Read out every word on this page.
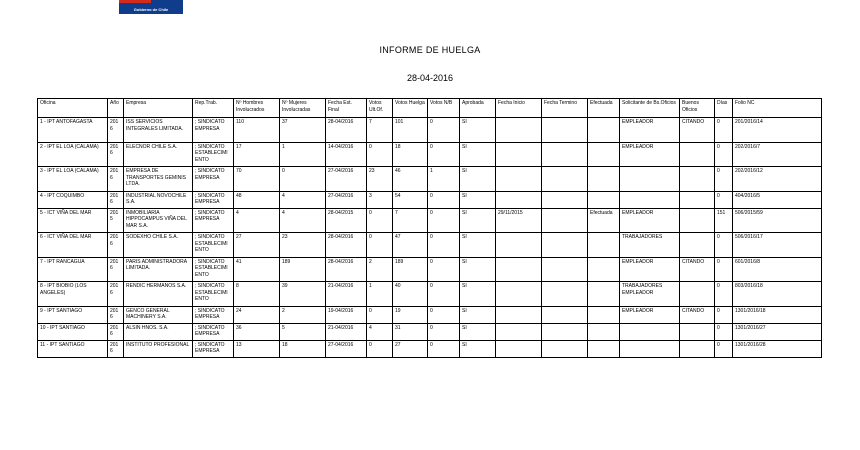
Gobierno de Chile
INFORME DE HUELGA
28-04-2016
Oficina	Año	Empresa	Rep.Trab.	Nº Hombres Involucrados	Nº Mujeres Involucradas	Fecha Est. Final	Votos Ult.Of.	Votos Huelga	Votos N/B	Aprobada	Fecha Inicio	Fecha Termino	Efectuada	Solicitante de Bs.Oficios	Buenos Oficios	Días	Folio NC
1 - IPT ANTOFAGASTA	2016	ISS SERVICIOS INTEGRALES LIMITADA.	; SINDICATO EMPRESA	110	37	28-04/2016	7	101	0	SI				EMPLEADOR	CITANDO	0	201/2016/14
2 - IPT EL LOA (CALAMA)	2016	ELECNOR CHILE S.A.	; SINDICATO ESTABLECIMIENTO	17	1	14-04/2016	0	18	0	SI				EMPLEADOR		0	202/2016/7
3 - IPT EL LOA (CALAMA)	2016	EMPRESA DE TRANSPORTES GEMINIS LTDA.	; SINDICATO EMPRESA	70	0	27-04/2016	23	46	1	SI						0	202/2016/12
4 - IPT COQUIMBO	2016	INDUSTRIAL NOVOCHILE S.A.	; SINDICATO EMPRESA	48	4	27-04/2016	3	54	0	SI						0	404/2016/5
5 - ICT VIÑA DEL MAR	2015	INMOBILIARIA HIPPOCAMPUS VIÑA DEL MAR S.A.	; SINDICATO EMPRESA	4	4	28-04/2015	0	7	0	SI	29/11/2015		Efectuada	EMPLEADOR		151	506/2015/59
6 - ICT VIÑA DEL MAR	2016	SODEXHO CHILE S.A.	; SINDICATO ESTABLECIMIENTO	27	23	28-04/2016	0	47	0	SI				TRABAJADORES		0	506/2016/17
7 - IPT RANCAGUA	2016	PARIS ADMINISTRADORA LIMITADA.	; SINDICATO ESTABLECIMIENTO	41	189	28-04/2016	2	189	0	SI				EMPLEADOR	CITANDO	0	601/2016/8
8 - IPT BIOBIO (LOS ANGELES)	2016	RENDIC HERMANOS S.A.	; SINDICATO ESTABLECIMIENTO	8	39	21-04/2016	1	40	0	SI				TRABAJADORES EMPLEADOR		0	803/2016/18
9 - IPT SANTIAGO	2016	GENCO GENERAL MACHINERY S.A.	; SINDICATO EMPRESA	24	2	19-04/2016	0	19	0	SI				EMPLEADOR	CITANDO	0	1301/2016/18
10 - IPT SANTIAGO	2016	ALSIN HNOS. S.A.	; SINDICATO EMPRESA	36	5	21-04/2016	4	31	0	SI						0	1301/2016/27
11 - IPT SANTIAGO	2016	INSTITUTO PROFESIONAL	; SINDICATO EMPRESA	13	18	27-04/2016	0	27	0	SI						0	1301/2016/28
